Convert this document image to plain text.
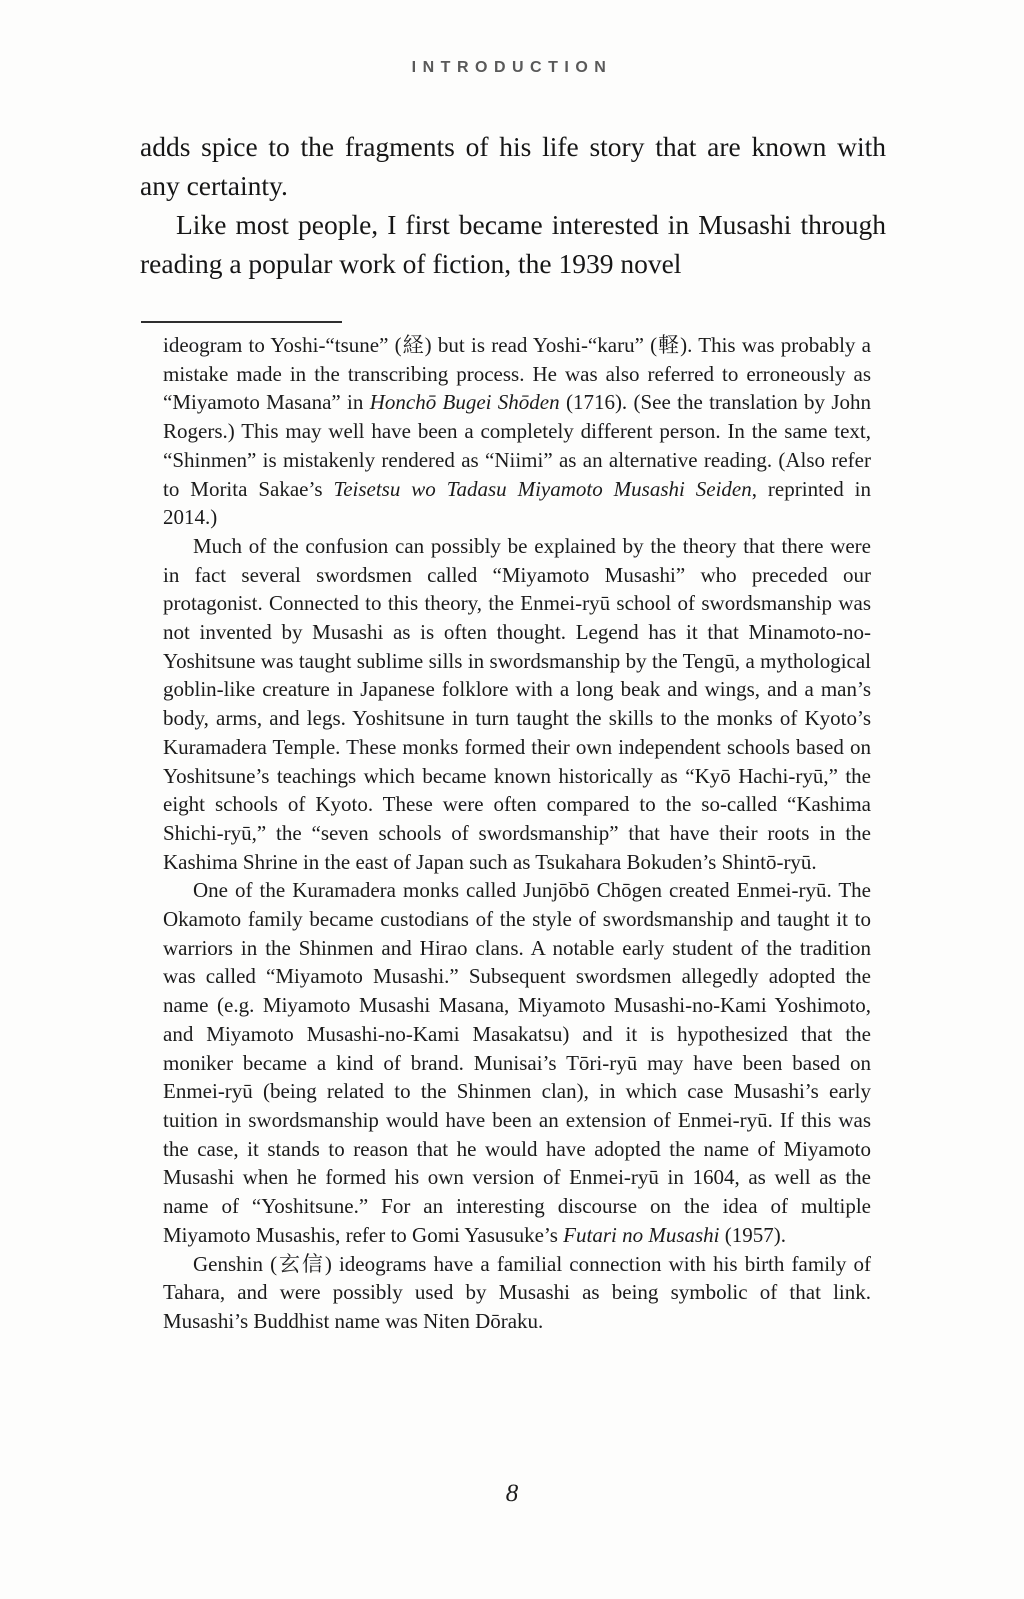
INTRODUCTION

adds spice to the fragments of his life story that are known with any certainty.

Like most people, I first became interested in Musashi through reading a popular work of fiction, the 1939 novel

ideogram to Yoshi-“tsune” (経) but is read Yoshi-“karu” (軽). This was probably a mistake made in the transcribing process. He was also referred to erroneously as “Miyamoto Masana” in Honchō Bugei Shōden (1716). (See the translation by John Rogers.) This may well have been a completely different person. In the same text, “Shinmen” is mistakenly rendered as “Niimi” as an alternative reading. (Also refer to Morita Sakae’s Teisetsu wo Tadasu Miyamoto Musashi Seiden, reprinted in 2014.)

Much of the confusion can possibly be explained by the theory that there were in fact several swordsmen called “Miyamoto Musashi” who preceded our protagonist. Connected to this theory, the Enmei-ryū school of swordsmanship was not invented by Musashi as is often thought. Legend has it that Minamoto-no-Yoshitsune was taught sublime sills in swordsmanship by the Tengū, a mythological goblin-like creature in Japanese folklore with a long beak and wings, and a man’s body, arms, and legs. Yoshitsune in turn taught the skills to the monks of Kyoto’s Kuramadera Temple. These monks formed their own independent schools based on Yoshitsune’s teachings which became known historically as “Kyō Hachi-ryū,” the eight schools of Kyoto. These were often compared to the so-called “Kashima Shichi-ryū,” the “seven schools of swordsmanship” that have their roots in the Kashima Shrine in the east of Japan such as Tsukahara Bokuden’s Shintō-ryū.

One of the Kuramadera monks called Junjōbō Chōgen created Enmei-ryū. The Okamoto family became custodians of the style of swordsmanship and taught it to warriors in the Shinmen and Hirao clans. A notable early student of the tradition was called “Miyamoto Musashi.” Subsequent swordsmen allegedly adopted the name (e.g. Miyamoto Musashi Masana, Miyamoto Musashi-no-Kami Yoshimoto, and Miyamoto Musashi-no-Kami Masakatsu) and it is hypothesized that the moniker became a kind of brand. Munisai’s Tōri-ryū may have been based on Enmei-ryū (being related to the Shinmen clan), in which case Musashi’s early tuition in swordsmanship would have been an extension of Enmei-ryū. If this was the case, it stands to reason that he would have adopted the name of Miyamoto Musashi when he formed his own version of Enmei-ryū in 1604, as well as the name of “Yoshitsune.” For an interesting discourse on the idea of multiple Miyamoto Musashis, refer to Gomi Yasusuke’s Futari no Musashi (1957).

Genshin (玄信) ideograms have a familial connection with his birth family of Tahara, and were possibly used by Musashi as being symbolic of that link. Musashi’s Buddhist name was Niten Dōraku.

8
